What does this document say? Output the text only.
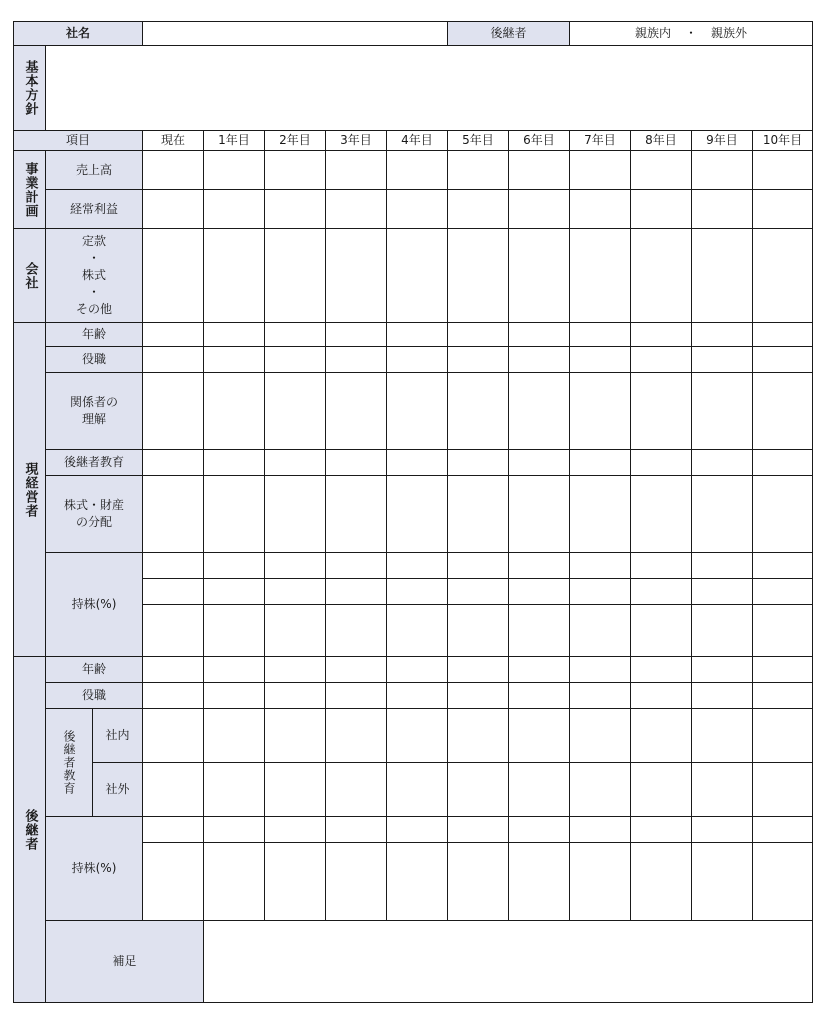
社名								後継者		親族内 ・ 親族外			
基本方針													
項目			現在	1年目	2年目	3年目	4年目	5年目	6年目	7年目	8年目	9年目	10年目
事業計画	売上高												
	経常利益												
会社	定款
・
株式
・
その他												

現経営者	年齢												
	役職												

	関係者の
理解												

	後継者教育												

	株式・財産
の分配												

	持株(%)												

後継者	年齢												
	役職												
	後継者教育	社内											
		社外											
	持株(%)												

	補足												
